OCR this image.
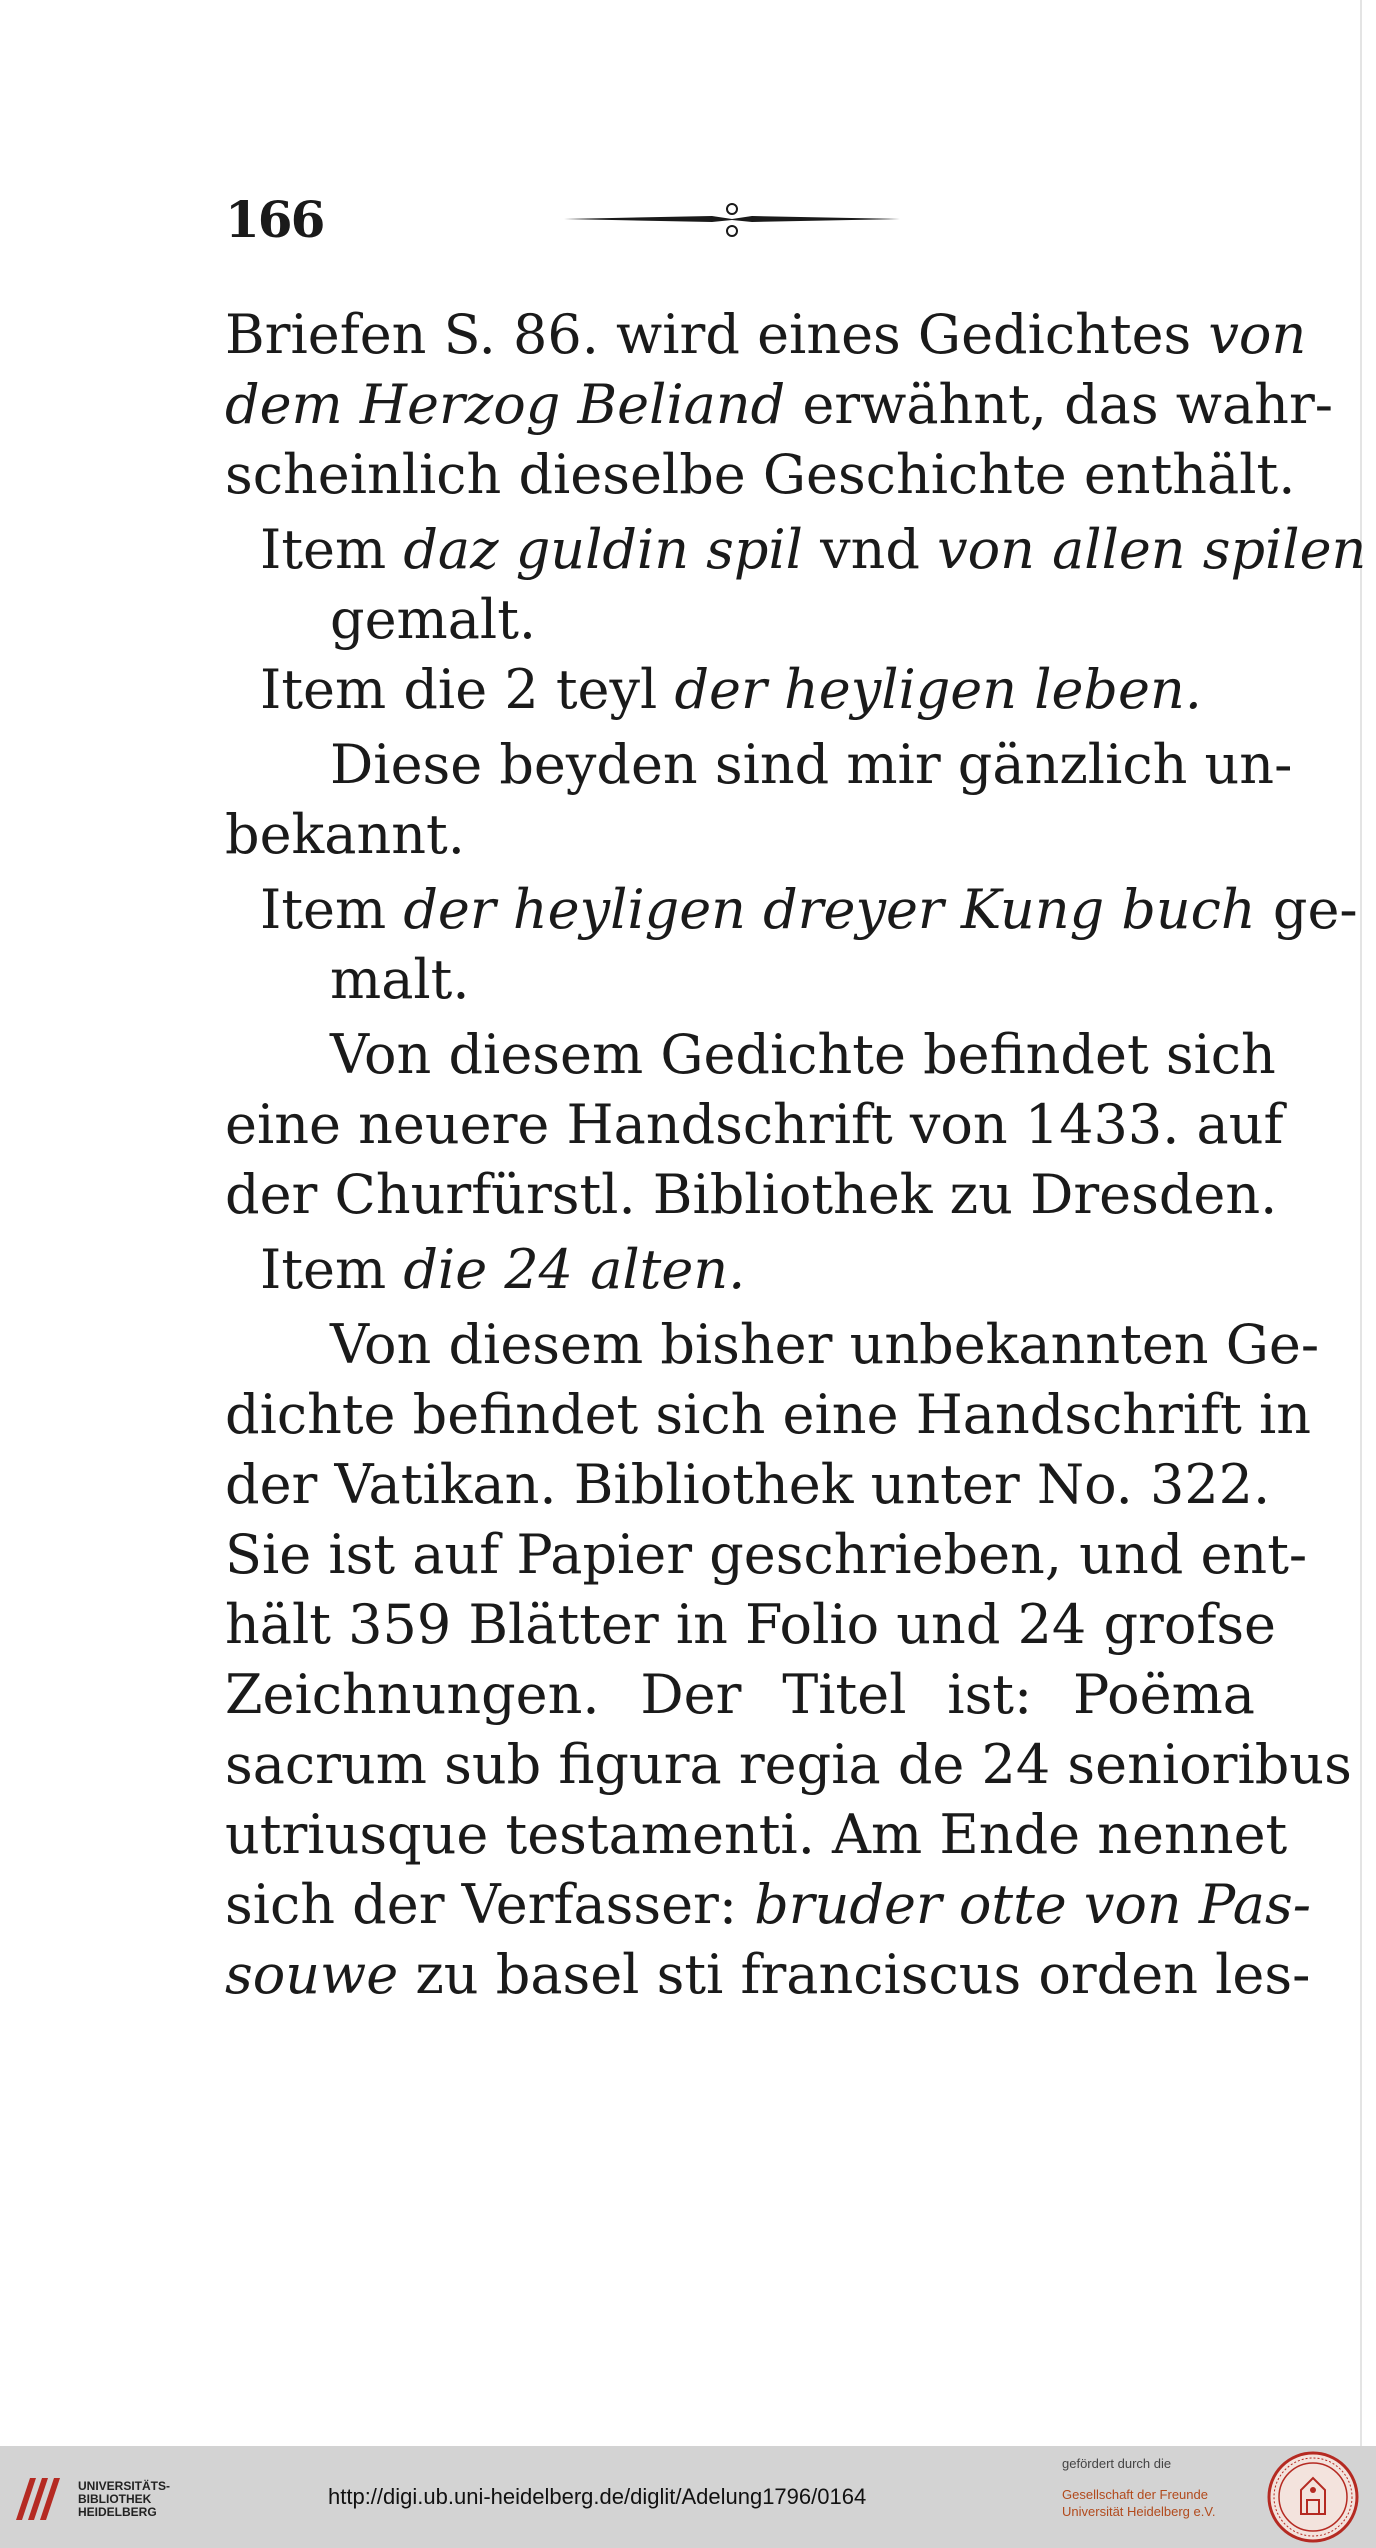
166
Briefen S. 86. wird eines Gedichtes von
dem Herzog Beliand erwähnt, das wahr-
scheinlich dieselbe Geschichte enthält.
Item daz guldin spil vnd von allen spilen
gemalt.
Item die 2 teyl der heyligen leben.
Diese beyden sind mir gänzlich un-
bekannt.
Item der heyligen dreyer Kung buch ge-
malt.
Von diesem Gedichte befindet sich
eine neuere Handschrift von 1433. auf
der Churfürstl. Bibliothek zu Dresden.
Item die 24 alten.
Von diesem bisher unbekannten Ge-
dichte befindet sich eine Handschrift in
der Vatikan. Bibliothek unter No. 322.
Sie ist auf Papier geschrieben, und ent-
hält 359 Blätter in Folio und 24 grofse
Zeichnungen. Der Titel ist: Poëma
sacrum sub figura regia de 24 senioribus
utriusque testamenti. Am Ende nennet
sich der Verfasser: bruder otte von Pas-
souwe zu basel sti franciscus orden les-
UNIVERSITÄTS-
BIBLIOTHEK
HEIDELBERG
http://digi.ub.uni-heidelberg.de/diglit/Adelung1796/0164
gefördert durch die
Gesellschaft der Freunde
Universität Heidelberg e.V.
